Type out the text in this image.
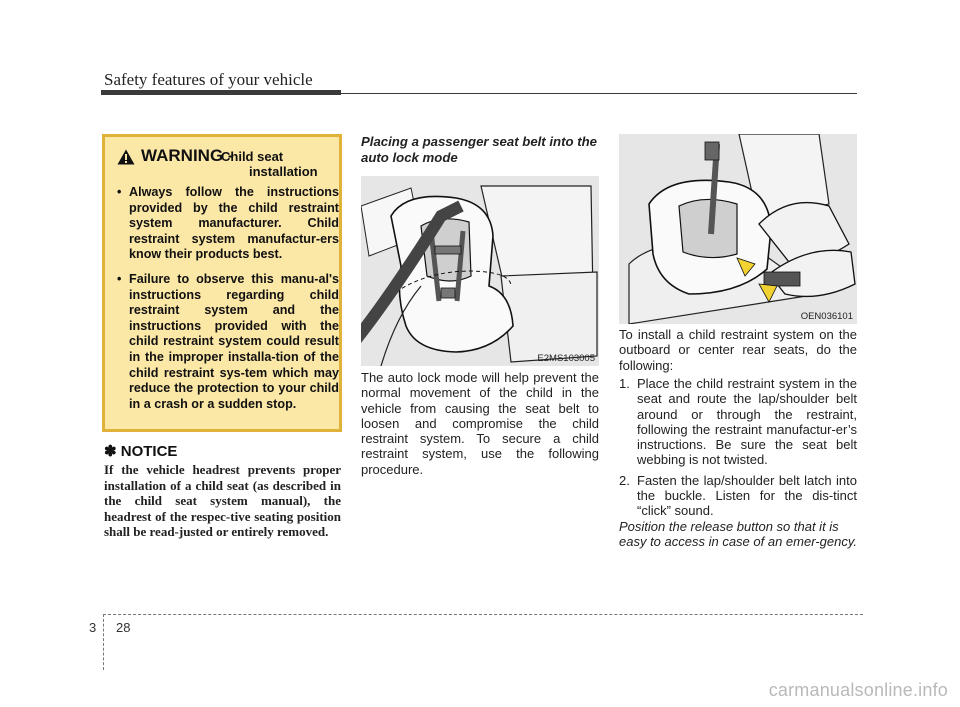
Safety features of your vehicle
WARNING -
Child seat
installation
• Always follow the instructions provided by the child restraint system manufacturer. Child restraint system manufactur-ers know their products best.
• Failure to observe this manu-al's instructions regarding child restraint system and the instructions provided with the child restraint system could result in the improper installa-tion of the child restraint sys-tem which may reduce the protection to your child in a crash or a sudden stop.
✽ NOTICE
If the vehicle headrest prevents proper installation of a child seat (as described in the child seat system manual), the headrest of the respec-tive seating position shall be read-justed or entirely removed.
Placing a passenger seat belt into the auto lock mode
E2MS103005
The auto lock mode will help prevent the normal movement of the child in the vehicle from causing the seat belt to loosen and compromise the child restraint system. To secure a child restraint system, use the following procedure.
OEN036101
To install a child restraint system on the outboard or center rear seats, do the following:
1. Place the child restraint system in the seat and route the lap/shoulder belt around or through the restraint, following the restraint manufactur-er’s instructions. Be sure the seat belt webbing is not twisted.
2. Fasten the lap/shoulder belt latch into the buckle. Listen for the dis-tinct “click” sound.
Position the release button so that it is easy to access in case of an emer-gency.
3 28
carmanualsonline.info
